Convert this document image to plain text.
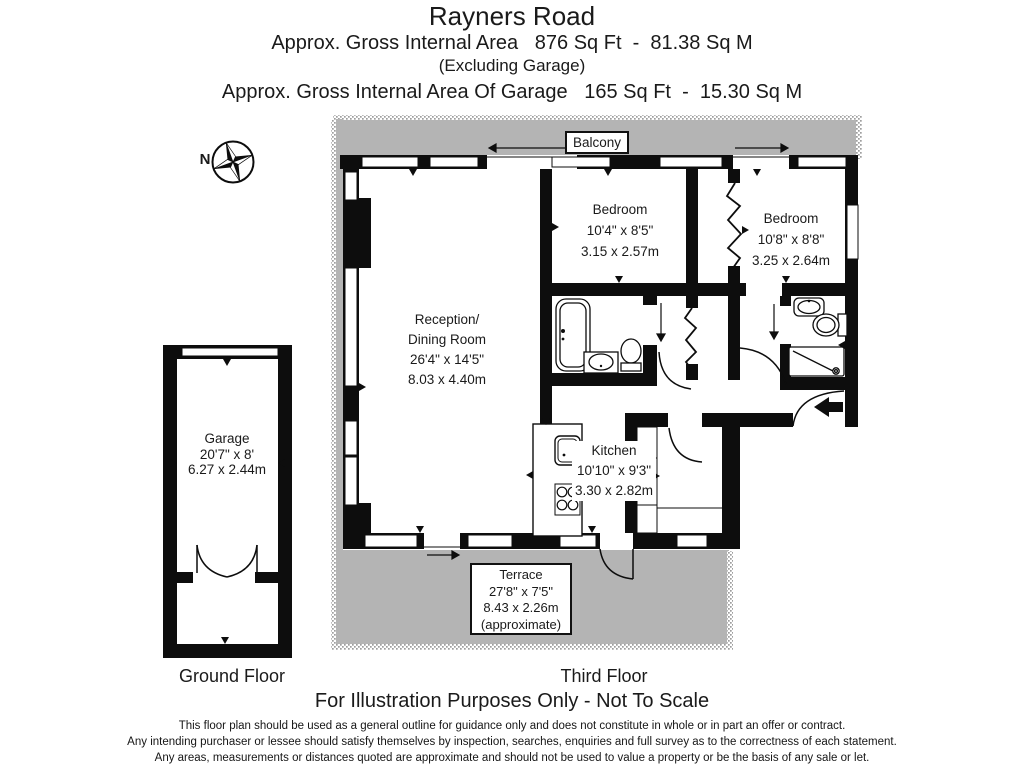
Rayners Road
Approx. Gross Internal Area   876 Sq Ft  -  81.38 Sq M
(Excluding Garage)
Approx. Gross Internal Area Of Garage   165 Sq Ft  -  15.30 Sq M
N
Balcony
Bedroom
10'4" x 8'5"
3.15 x 2.57m
Bedroom
10'8" x 8'8"
3.25 x 2.64m
Reception/
Dining Room
26'4" x 14'5"
8.03 x 4.40m
Kitchen
10'10" x 9'3"
3.30 x 2.82m
Garage
20'7" x 8'
6.27 x 2.44m
Terrace
27'8" x 7'5"
8.43 x 2.26m
(approximate)
Ground Floor	Third Floor
For Illustration Purposes Only - Not To Scale
This floor plan should be used as a general outline for guidance only and does not constitute in whole or in part an offer or contract.
Any intending purchaser or lessee should satisfy themselves by inspection, searches, enquiries and full survey as to the correctness of each statement.
Any areas, measurements or distances quoted are approximate and should not be used to value a property or be the basis of any sale or let.
